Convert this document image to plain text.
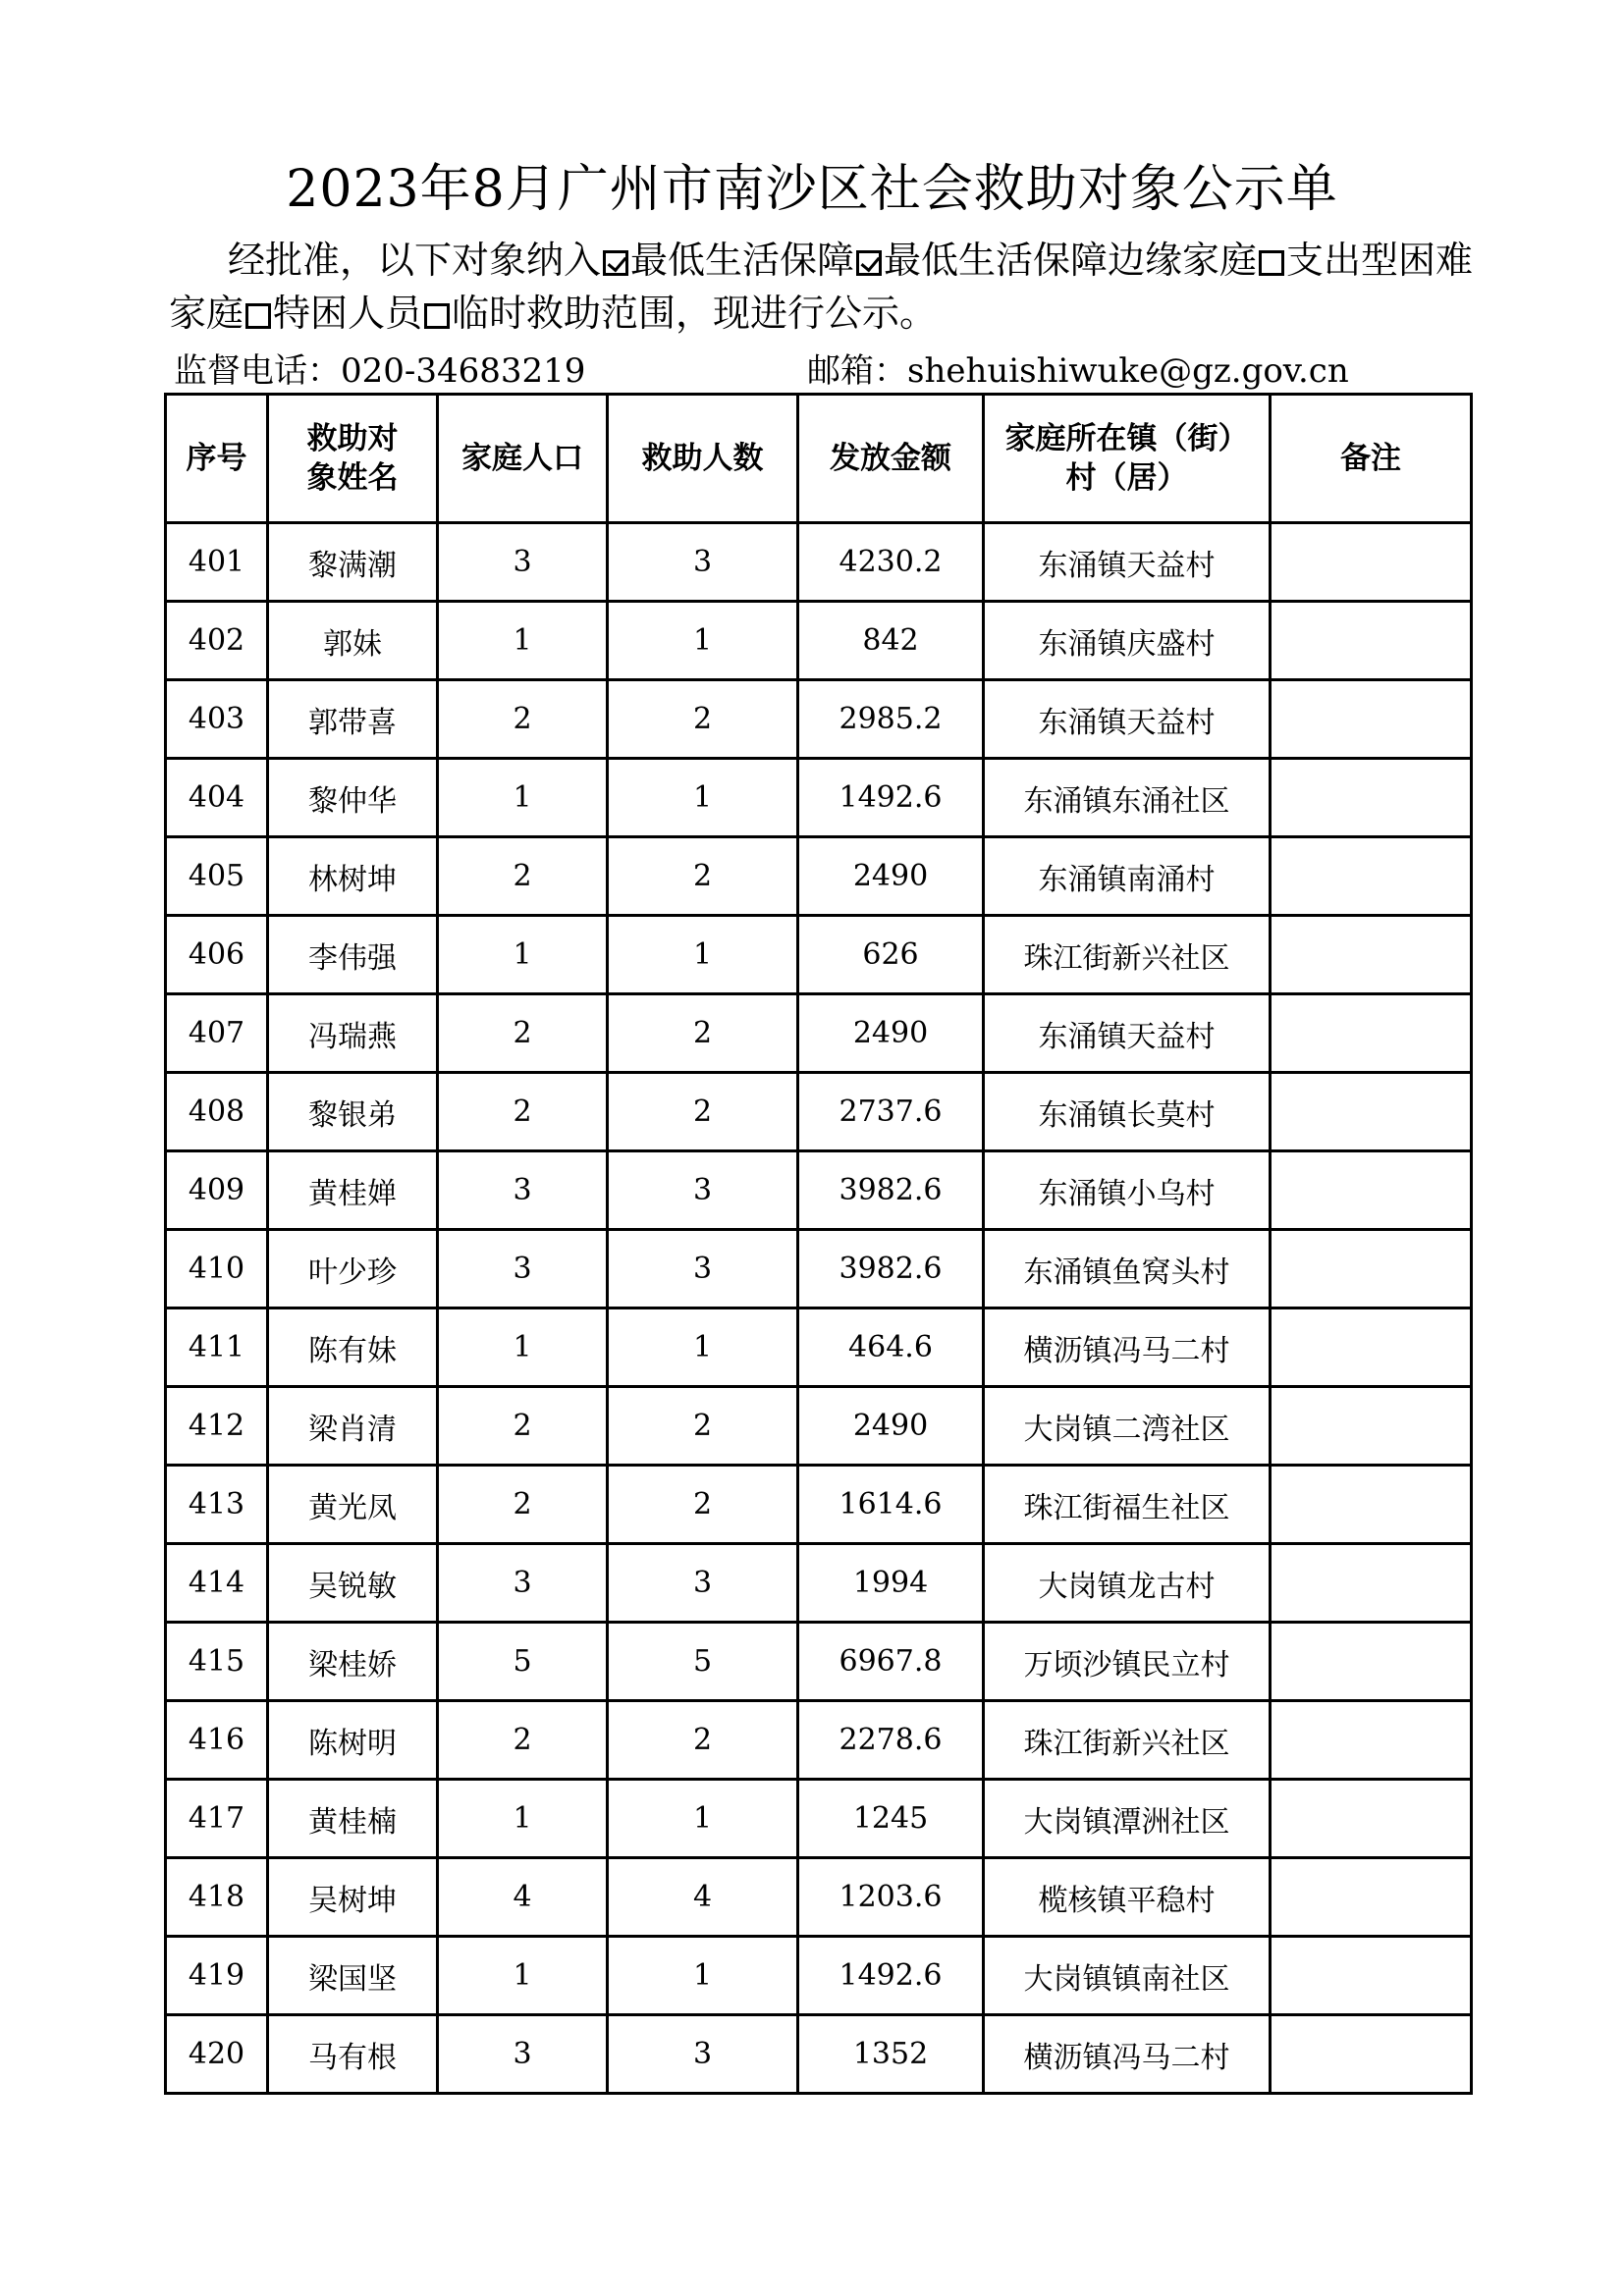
2023年8月广州市南沙区社会救助对象公示单
经批准，以下对象纳入 最低生活保障 最低生活保障边缘家庭 支出型困难家庭 特困人员 临时救助范围，现进行公示。
监督电话：020-34683219	邮箱：shehuishiwuke@gz.gov.cn
序号	救助对象姓名	家庭人口	救助人数	发放金额	家庭所在镇（街）村（居）	备注
401	黎满潮	3	3	4230.2	东涌镇天益村	
402	郭妹	1	1	842	东涌镇庆盛村	
403	郭带喜	2	2	2985.2	东涌镇天益村	
404	黎仲华	1	1	1492.6	东涌镇东涌社区	
405	林树坤	2	2	2490	东涌镇南涌村	
406	李伟强	1	1	626	珠江街新兴社区	
407	冯瑞燕	2	2	2490	东涌镇天益村	
408	黎银弟	2	2	2737.6	东涌镇长莫村	
409	黄桂婵	3	3	3982.6	东涌镇小乌村	
410	叶少珍	3	3	3982.6	东涌镇鱼窝头村	
411	陈有妹	1	1	464.6	横沥镇冯马二村	
412	梁肖清	2	2	2490	大岗镇二湾社区	
413	黄光凤	2	2	1614.6	珠江街福生社区	
414	吴锐敏	3	3	1994	大岗镇龙古村	
415	梁桂娇	5	5	6967.8	万顷沙镇民立村	
416	陈树明	2	2	2278.6	珠江街新兴社区	
417	黄桂楠	1	1	1245	大岗镇潭洲社区	
418	吴树坤	4	4	1203.6	榄核镇平稳村	
419	梁国坚	1	1	1492.6	大岗镇镇南社区	
420	马有根	3	3	1352	横沥镇冯马二村	
